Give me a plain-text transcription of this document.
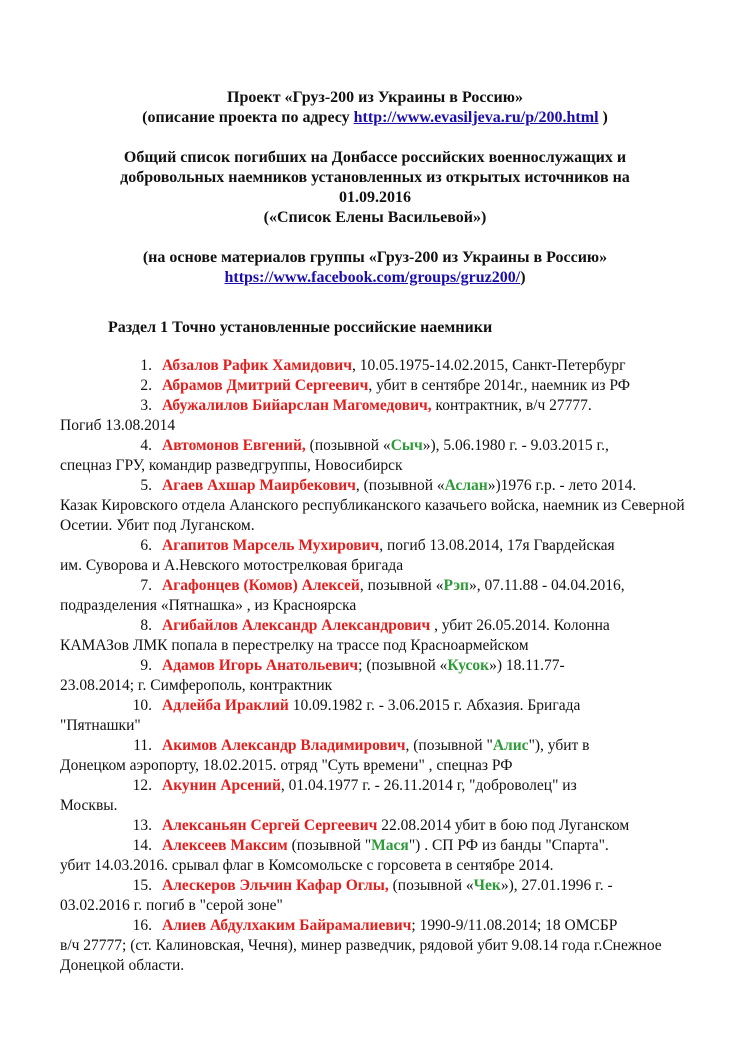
Проект «Груз-200 из Украины в Россию»
(описание проекта по адресу http://www.evasiljeva.ru/p/200.html )
Общий список погибших на Донбассе российских военнослужащих и
добровольных наемников установленных из открытых источников на
01.09.2016
(«Список Елены Васильевой»)
(на основе материалов группы «Груз-200 из Украины в Россию»
https://www.facebook.com/groups/gruz200/)
Раздел 1 Точно установленные российские наемники

1. Абзалов Рафик Хамидович, 10.05.1975-14.02.2015, Санкт-Петербург

2. Абрамов Дмитрий Сергеевич, убит в сентябре 2014г., наемник из РФ

3. Абужалилов Бийарслан Магомедович, контрактник, в/ч 27777.

Погиб 13.08.2014

4. Автомонов Евгений, (позывной «Сыч»), 5.06.1980 г. - 9.03.2015 г.,

спецназ ГРУ, командир разведгруппы, Новосибирск

5. Агаев Ахшар Маирбекович, (позывной «Аслан»)1976 г.р. - лето 2014.

Казак Кировского отдела Аланского республиканского казачьего войска, наемник из Северной Осетии. Убит под Луганском.

6. Агапитов Марсель Мухирович, погиб 13.08.2014, 17я Гвардейская

им. Суворова и А.Невского мотострелковая бригада

7. Агафонцев (Комов) Алексей, позывной «Рэп», 07.11.88 - 04.04.2016,

подразделения «Пятнашка» , из Красноярска

8. Агибайлов Александр Александрович , убит 26.05.2014. Колонна

КАМАЗов ЛМК попала в перестрелку на трассе под Красноармейском

9. Адамов Игорь Анатольевич; (позывной «Кусок») 18.11.77-

23.08.2014; г. Симферополь, контрактник

10. Адлейба Ираклий 10.09.1982 г. - 3.06.2015 г. Абхазия. Бригада

"Пятнашки"

11. Акимов Александр Владимирович, (позывной "Алис"), убит в

Донецком аэропорту, 18.02.2015. отряд "Суть времени" , спецназ РФ

12. Акунин Арсений, 01.04.1977 г. - 26.11.2014 г, "доброволец" из

Москвы.

13. Алексаньян Сергей Сергеевич 22.08.2014 убит в бою под Луганском

14. Алексеев Максим (позывной "Мася") . СП РФ из банды "Спарта".

убит 14.03.2016. срывал флаг в Комсомольске с горсовета в сентябре 2014.

15. Алескеров Эльчин Кафар Оглы, (позывной «Чек»), 27.01.1996 г. -

03.02.2016 г. погиб в "серой зоне"

16. Алиев Абдулхаким Байрамалиевич; 1990-9/11.08.2014; 18 ОМСБР

в/ч 27777; (ст. Калиновская, Чечня), минер разведчик, рядовой убит 9.08.14 года г.Снежное Донецкой области.
